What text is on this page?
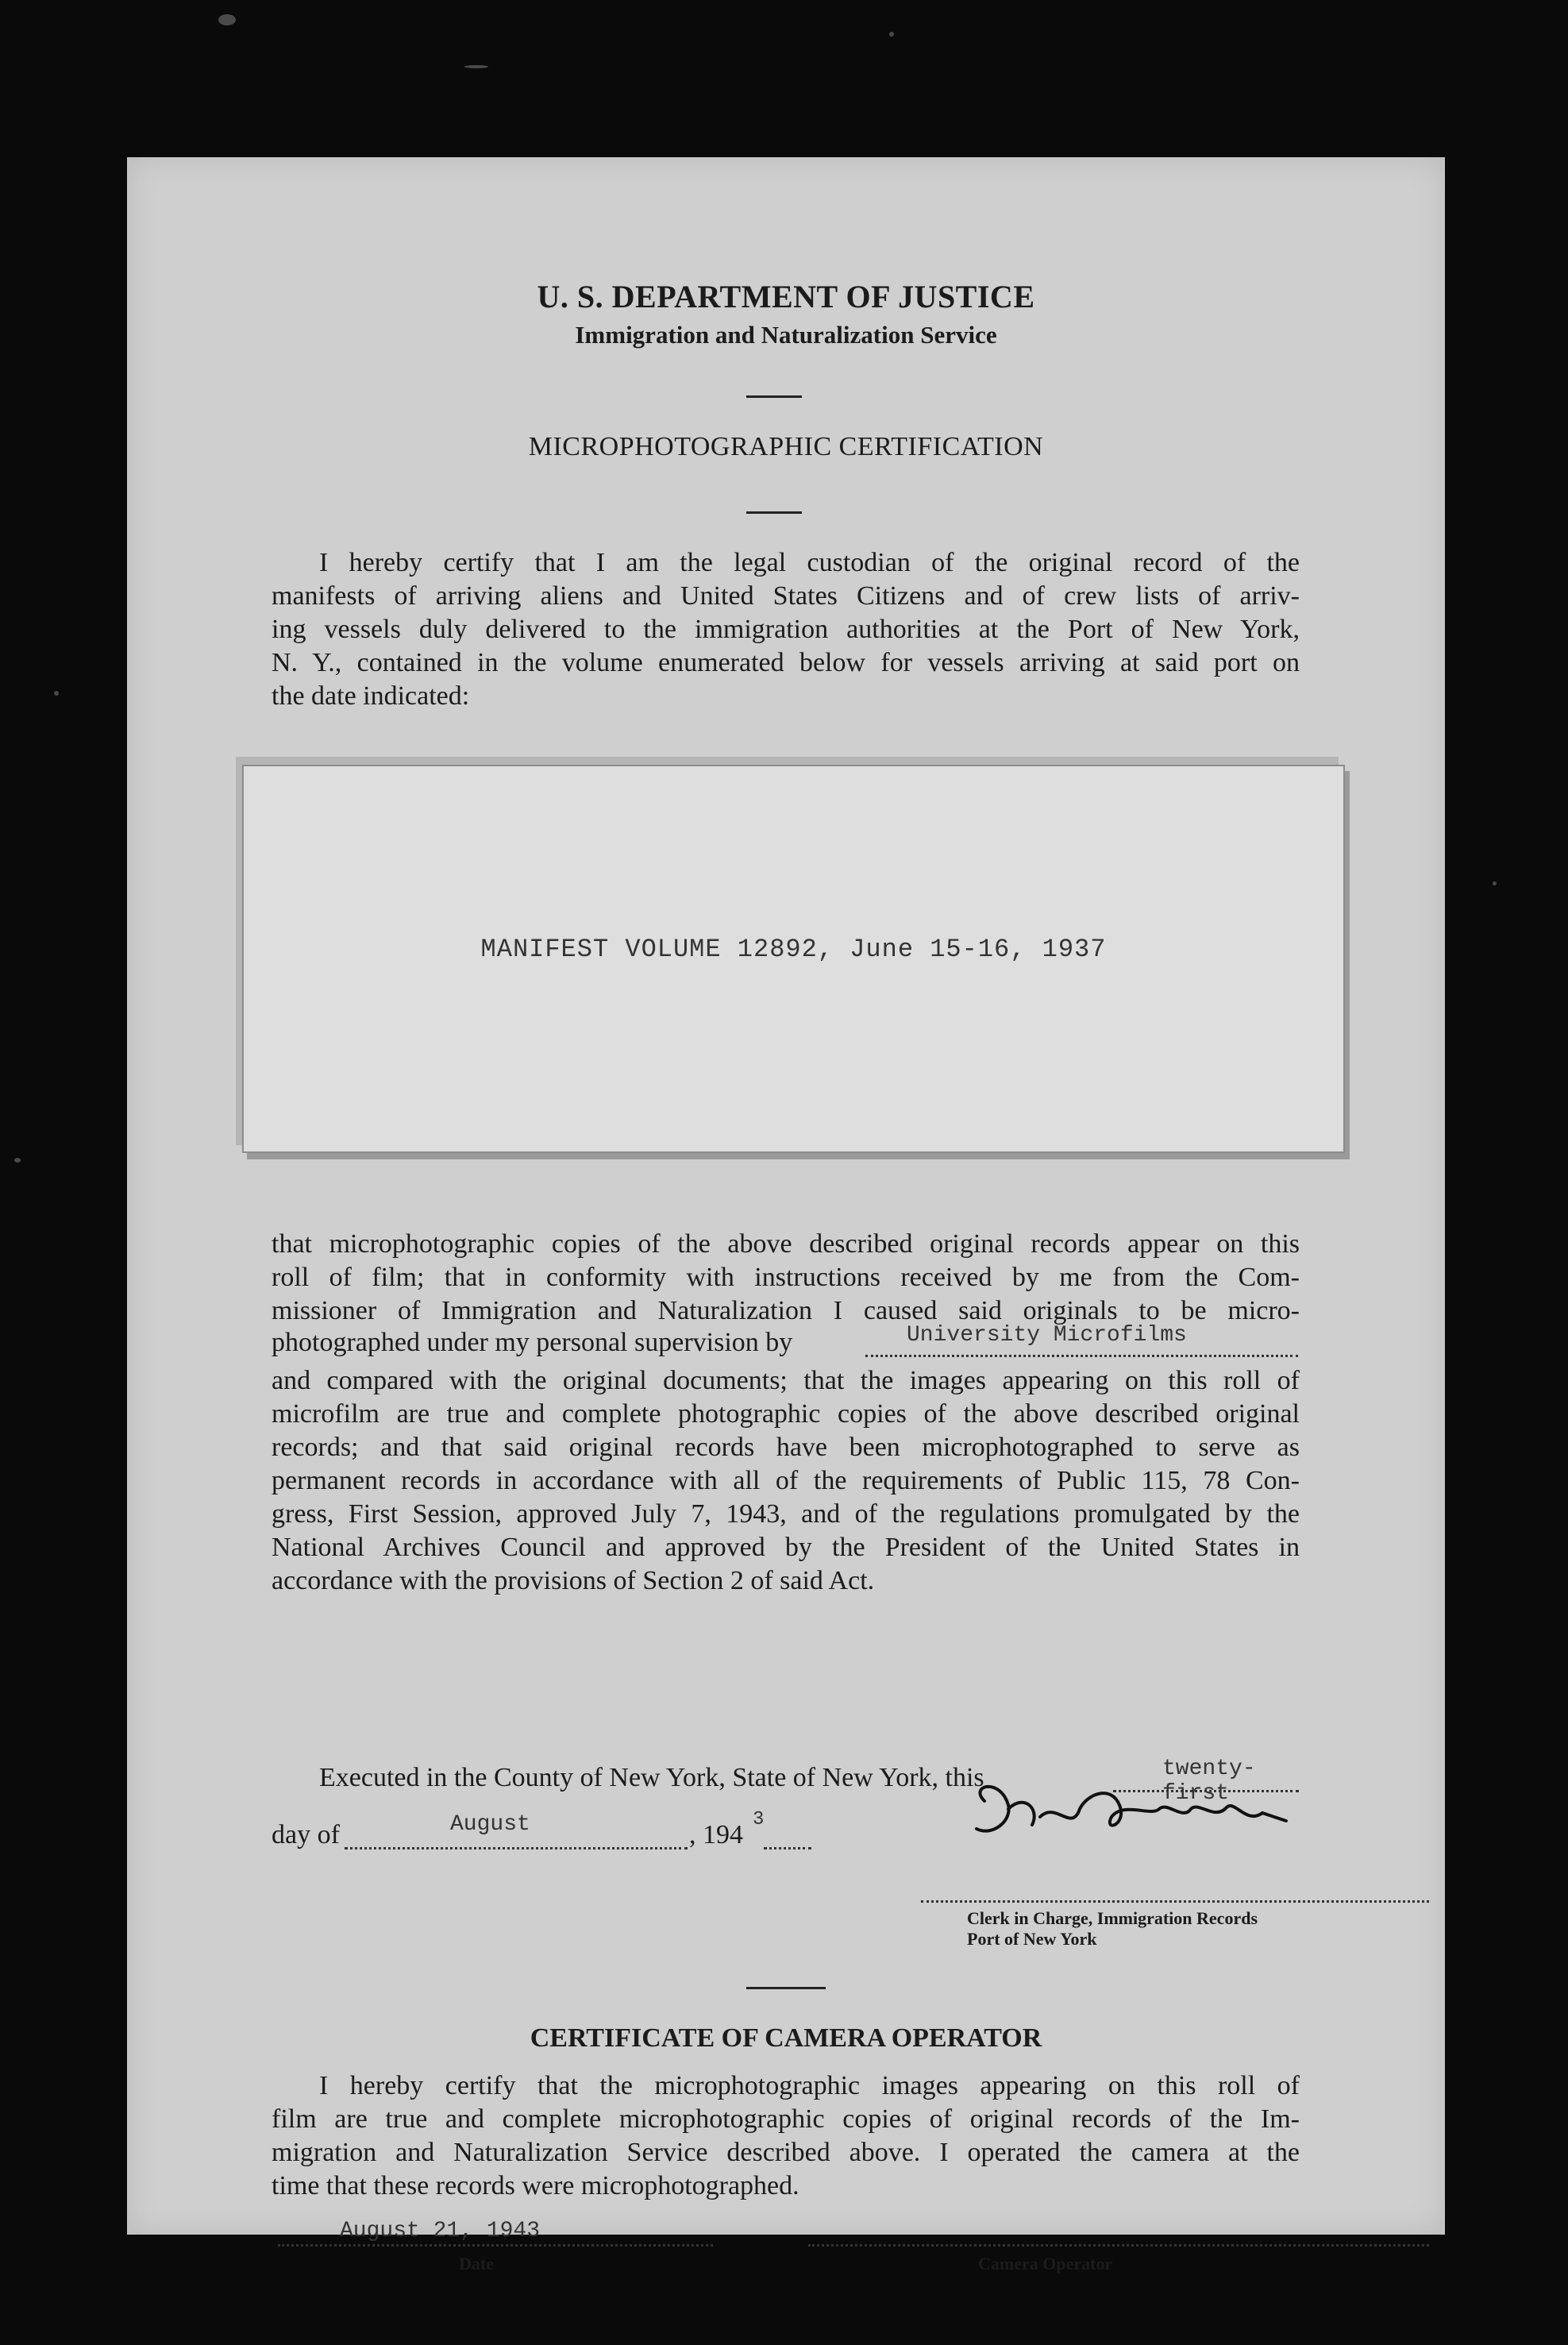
U. S. DEPARTMENT OF JUSTICE
Immigration and Naturalization Service
MICROPHOTOGRAPHIC CERTIFICATION
I hereby certify that I am the legal custodian of the original record of the
manifests of arriving aliens and United States Citizens and of crew lists of arriv-
ing vessels duly delivered to the immigration authorities at the Port of New York,
N. Y., contained in the volume enumerated below for vessels arriving at said port on
the date indicated:
MANIFEST VOLUME 12892, June 15-16, 1937
that microphotographic copies of the above described original records appear on this
roll of film; that in conformity with instructions received by me from the Com-
missioner of Immigration and Naturalization I caused said originals to be micro-
photographed under my personal supervision by	University Microfilms
and compared with the original documents; that the images appearing on this roll of
microfilm are true and complete photographic copies of the above described original
records; and that said original records have been microphotographed to serve as
permanent records in accordance with all of the requirements of Public 115, 78 Con-
gress, First Session, approved July 7, 1943, and of the regulations promulgated by the
National Archives Council and approved by the President of the United States in
accordance with the provisions of Section 2 of said Act.
Executed in the County of New York, State of New York, this	twenty-first
day of	August	, 194
3
Clerk in Charge, Immigration Records
Port of New York
CERTIFICATE OF CAMERA OPERATOR
I hereby certify that the microphotographic images appearing on this roll of
film are true and complete microphotographic copies of original records of the Im-
migration and Naturalization Service described above. I operated the camera at the
time that these records were microphotographed.
August 21, 1943
Date	Camera Operator
